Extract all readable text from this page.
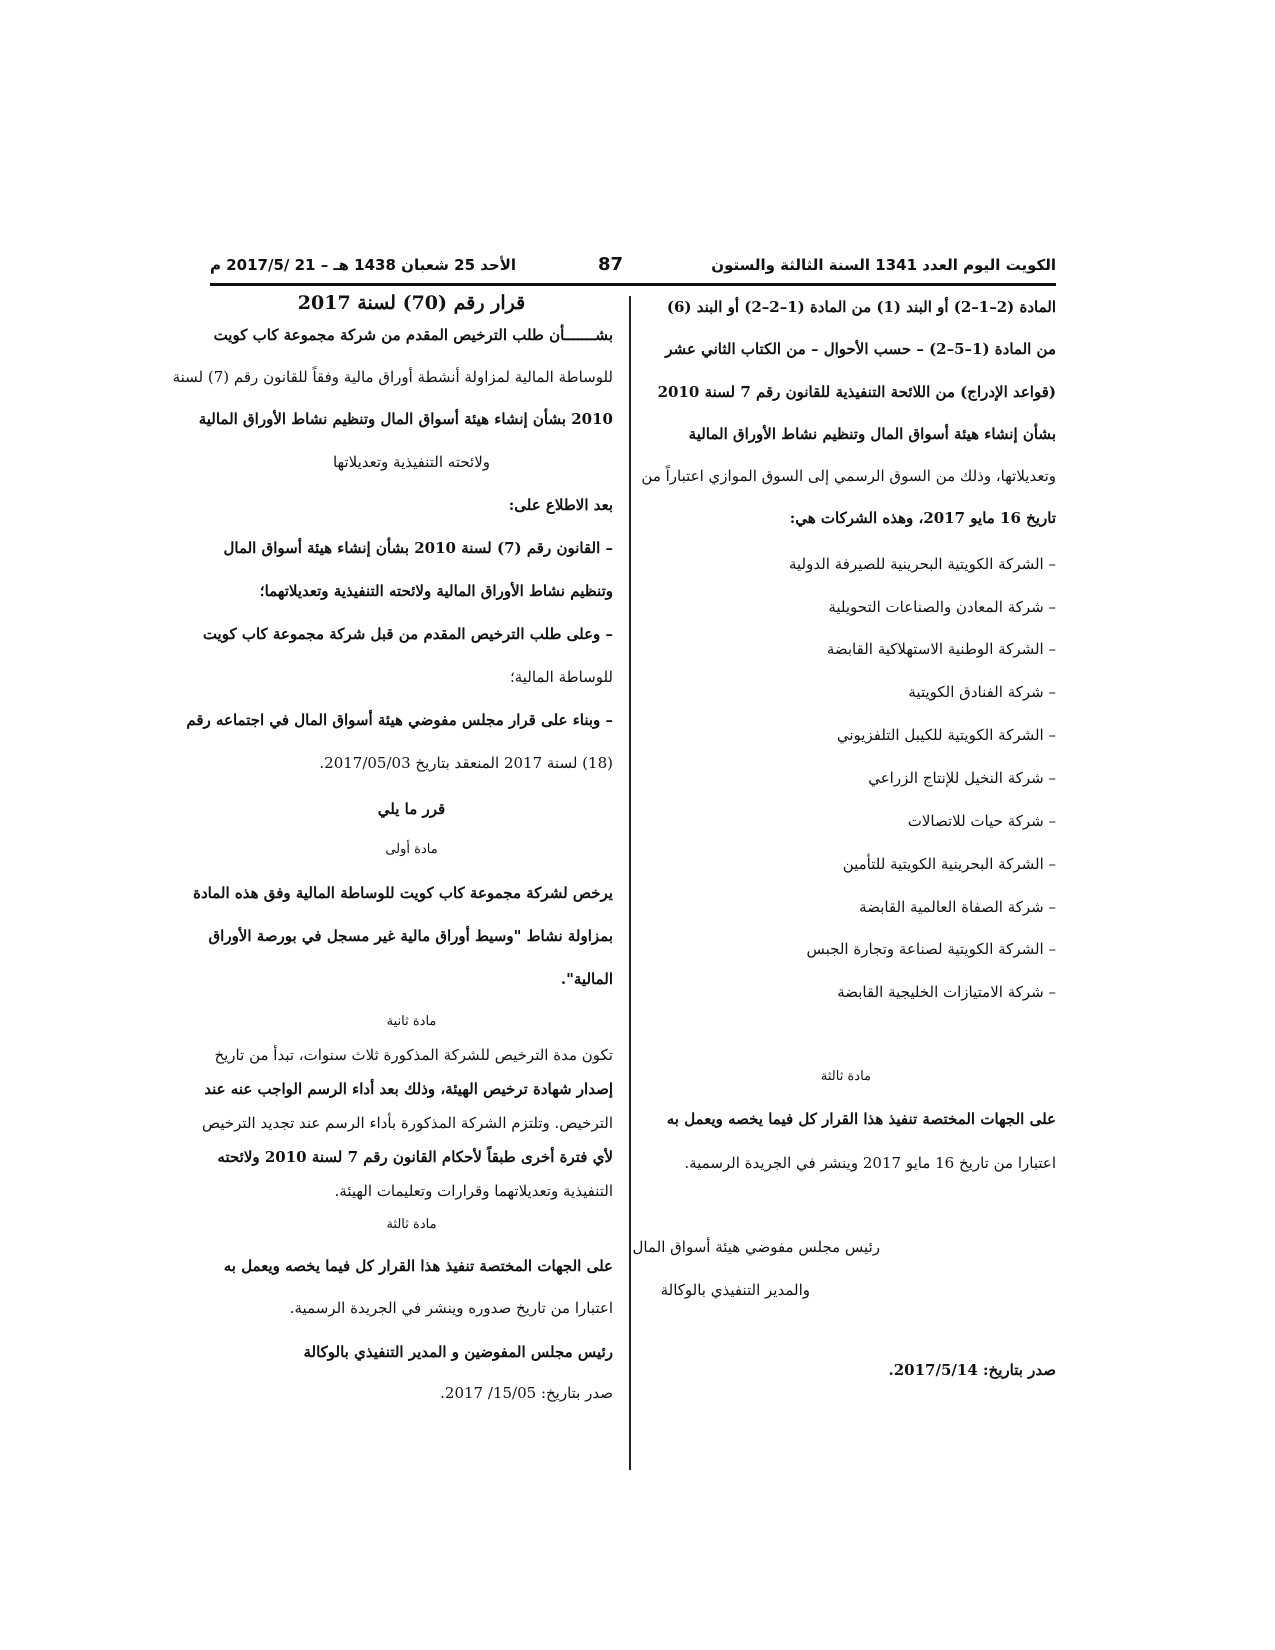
الكويت اليوم العدد 1341 السنة الثالثة والستون
87
الأحد 25 شعبان 1438 هـ – 21 /2017/5 م
المادة (2–1–2) أو البند (1) من المادة (1–2–2) أو البند (6)
من المادة (1–5–2) – حسب الأحوال – من الكتاب الثاني عشر
(قواعد الإدراج) من اللائحة التنفيذية للقانون رقم 7 لسنة 2010
بشأن إنشاء هيئة أسواق المال وتنظيم نشاط الأوراق المالية
وتعديلاتها، وذلك من السوق الرسمي إلى السوق الموازي اعتباراً من
تاريخ 16 مايو 2017، وهذه الشركات هي:
– الشركة الكويتية البحرينية للصيرفة الدولية
– شركة المعادن والصناعات التحويلية
– الشركة الوطنية الاستهلاكية القابضة
– شركة الفنادق الكويتية
– الشركة الكويتية للكيبل التلفزيوني
– شركة النخيل للإنتاج الزراعي
– شركة حيات للاتصالات
– الشركة البحرينية الكويتية للتأمين
– شركة الصفاة العالمية القابضة
– الشركة الكويتية لصناعة وتجارة الجبس
– شركة الامتيازات الخليجية القابضة
مادة ثالثة
على الجهات المختصة تنفيذ هذا القرار كل فيما يخصه ويعمل به
اعتبارا من تاريخ 16 مايو 2017 وينشر في الجريدة الرسمية.
رئيس مجلس مفوضي هيئة أسواق المال
والمدير التنفيذي بالوكالة
صدر بتاريخ: 2017/5/14.
قرار رقم (70) لسنة 2017
بشـــــــأن طلب الترخيص المقدم من شركة مجموعة كاب كويت
للوساطة المالية لمزاولة أنشطة أوراق مالية وفقاً للقانون رقم (7) لسنة
2010 بشأن إنشاء هيئة أسواق المال وتنظيم نشاط الأوراق المالية
ولائحته التنفيذية وتعديلاتها
بعد الاطلاع على:
– القانون رقم (7) لسنة 2010 بشأن إنشاء هيئة أسواق المال
وتنظيم نشاط الأوراق المالية ولائحته التنفيذية وتعديلاتهما؛
– وعلى طلب الترخيص المقدم من قبل شركة مجموعة كاب كويت
للوساطة المالية؛
– وبناء على قرار مجلس مفوضي هيئة أسواق المال في اجتماعه رقم
(18) لسنة 2017 المنعقد بتاريخ 2017/05/03.
قرر ما يلي
مادة أولى
يرخص لشركة مجموعة كاب كويت للوساطة المالية وفق هذه المادة
بمزاولة نشاط "وسيط أوراق مالية غير مسجل في بورصة الأوراق
المالية".
مادة ثانية
تكون مدة الترخيص للشركة المذكورة ثلاث سنوات، تبدأ من تاريخ
إصدار شهادة ترخيص الهيئة، وذلك بعد أداء الرسم الواجب عنه عند
الترخيص. وتلتزم الشركة المذكورة بأداء الرسم عند تجديد الترخيص
لأي فترة أخرى طبقاً لأحكام القانون رقم 7 لسنة 2010 ولائحته
التنفيذية وتعديلاتهما وقرارات وتعليمات الهيئة.
مادة ثالثة
على الجهات المختصة تنفيذ هذا القرار كل فيما يخصه ويعمل به
اعتبارا من تاريخ صدوره وينشر في الجريدة الرسمية.
رئيس مجلس المفوضين و المدير التنفيذي بالوكالة
صدر بتاريخ: 15/05/ 2017.
